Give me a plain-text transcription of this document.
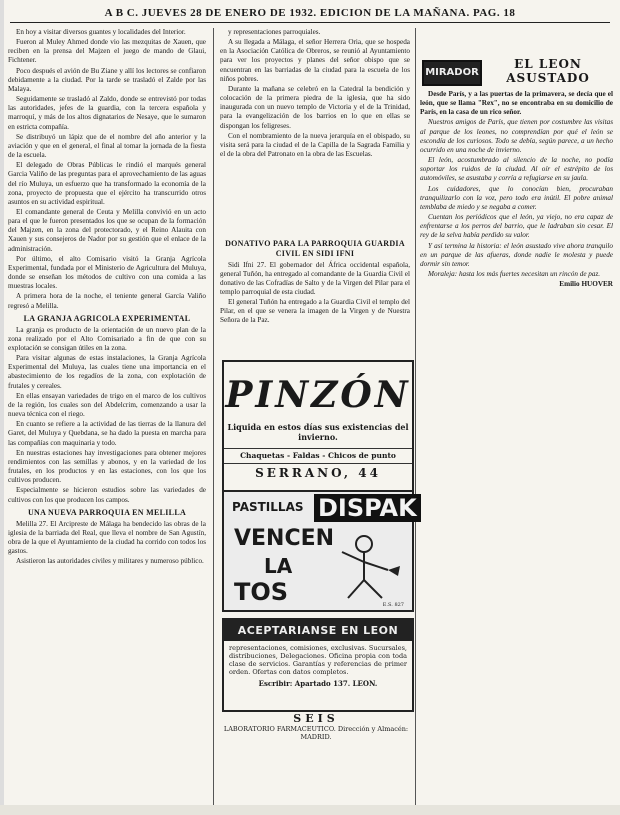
A B C. JUEVES 28 DE ENERO DE 1932. EDICION DE LA MAÑANA. PAG. 18

En hoy a visitar diversos guantes y localidades del Interior.

Fueron al Muley Ahmed donde vio las mezquitas de Xauen, que reciben en la prensa del Majzen el juego de mando de Glaui, Fichtener.

Poco después el avión de Bu Ziane y allí los lectores se confiaron debidamente a la ciudad. Por la tarde se trasladó el Zalde por las Malaya.

Seguidamente se trasladó al Zaldo, donde se entrevistó por todas las autoridades, jefes de la guardia, con la tercera española y marroquí, y más de los altos dignatarios de Nesaye, que le sumaron en estricta compañía.

Se distribuyó un lápiz que de el nombre del año anterior y la aviación y que en el general, el final al tomar la jornada de la fiesta de la escuela.

El delegado de Obras Públicas le rindió el marqués general Garcia Valiño de las preguntas para el aprovechamiento de las aguas del río Muluya, un esfuerzo que ha transformado la economía de la zona, proyecto de propuesta que el ejército ha transcurrido otros asuntos en su actividad espiritual.

El comandante general de Ceuta y Melilla convivió en un acto para el que le fueron presentados los que se ocupan de la formación del Majzen, en la zona del protectorado, y el Reino Alauita con Xauen y sus consejeros de Nador por su gestión que el enlace de la administración.

Por último, el alto Comisario visitó la Granja Agrícola Experimental, fundada por el Ministerio de Agricultura del Muluya, donde se enseñan los métodos de cultivo con una comida a las muestras locales.

A primera hora de la noche, el teniente general García Valiño regresó a Melilla.

LA GRANJA AGRICOLA EXPERIMENTAL

La granja es producto de la orientación de un nuevo plan de la zona realizado por el Alto Comisariado a fin de que con su explotación se consigan útiles en la zona.

Para visitar algunas de estas instalaciones, la Granja Agrícola Experimental del Muluya, las cuales tiene una importancia en el abastecimiento de los regadíos de la zona, con explotación de frutales y cereales.

En ellas ensayan variedades de trigo en el marco de los cultivos de la región, los cuales son del Abdelcrim, comenzando a usar la nueva técnica con el riego.

En cuanto se refiere a la actividad de las tierras de la llanura del Garet, del Muluya y Quebdana, se ha dado la puesta en marcha para las compañías con maquinaria y todo.

En nuestras estaciones hay investigaciones para obtener mejores rendimientos con las semillas y abonos, y en la variedad de los frutales, en los productos y en las estaciones, con los que los cultivos producen.

Especialmente se hicieron estudios sobre las variedades de cultivos con los que producen los campos.

UNA NUEVA PARROQUIA EN MELILLA

Melilla 27. El Arcipreste de Málaga ha bendecido las obras de la iglesia de la barriada del Real, que lleva el nombre de San Agustín, obra de la que el Ayuntamiento de la ciudad ha corrido con todos los gastos.

Asistieron las autoridades civiles y militares y numeroso público.

y representaciones parroquiales.

A su llegada a Málaga, el señor Herrera Oria, que se hospeda en la Asociación Católica de Obreros, se reunió al Ayuntamiento para ver los proyectos y planes del señor obispo que se encuentran en las barriadas de la ciudad para la escuela de los niños pobres.

Durante la mañana se celebró en la Catedral la bendición y colocación de la primera piedra de la iglesia, que ha sido inaugurada con un nuevo templo de Victoria y el de la Trinidad, para la evangelización de los barrios en lo que en ellas se dispongan los feligreses.

Con el nombramiento de la nueva jerarquía en el obispado, su visita será para la ciudad el de la Capilla de la Sagrada Familia y el de la obra del Patronato en la obra de las Escuelas.

DONATIVO PARA LA PARROQUIA GUARDIA CIVIL EN SIDI IFNI

Sidi Ifni 27. El gobernador del África occidental española, general Tuñón, ha entregado al comandante de la Guardia Civil el donativo de las Cofradías de Salto y de la Virgen del Pilar para el templo parroquial de esta ciudad.

El general Tuñón ha entregado a la Guardia Civil el templo del Pilar, en el que se venera la imagen de la Virgen y de Nuestra Señora de la Paz.

PINZÓN
Liquida en estos días sus existencias del invierno.
Chaquetas - Faldas - Chicos de punto
SERRANO, 44
PASTILLAS DISPAK
VENCEN
LA
TOS	E.S. 827
ACEPTARIANSE EN LEON
representaciones, comisiones, exclusivas. Sucursales, distribuciones, Delegaciones. Oficina propia con toda clase de servicios. Garantías y referencias de primer orden. Ofertas con datos completos.
Escribir: Apartado 137. LEON.
SEIS
LABORATORIO FARMACEUTICO. Dirección y Almacén: MADRID.
MIRADOR
EL LEON
ASUSTADO

Desde París, y a las puertas de la primavera, se decía que el león, que se llama "Rex", no se encontraba en su domicilio de París, en la casa de un rico señor.

Nuestros amigos de París, que tienen por costumbre las visitas al parque de los leones, no comprendían por qué el león se escondía de los curiosos. Todo se debía, según parece, a un hecho ocurrido en una noche de invierno.

El león, acostumbrado al silencio de la noche, no podía soportar los ruidos de la ciudad. Al oír el estrépito de los automóviles, se asustaba y corría a refugiarse en su jaula.

Los cuidadores, que lo conocían bien, procuraban tranquilizarlo con la voz, pero todo era inútil. El pobre animal temblaba de miedo y se negaba a comer.

Cuentan los periódicos que el león, ya viejo, no era capaz de enfrentarse a los perros del barrio, que le ladraban sin cesar. El rey de la selva había perdido su valor.

Y así termina la historia: el león asustado vive ahora tranquilo en un parque de las afueras, donde nadie le molesta y puede dormir sin temor.

Moraleja: hasta los más fuertes necesitan un rincón de paz.

Emilio HUOVER
